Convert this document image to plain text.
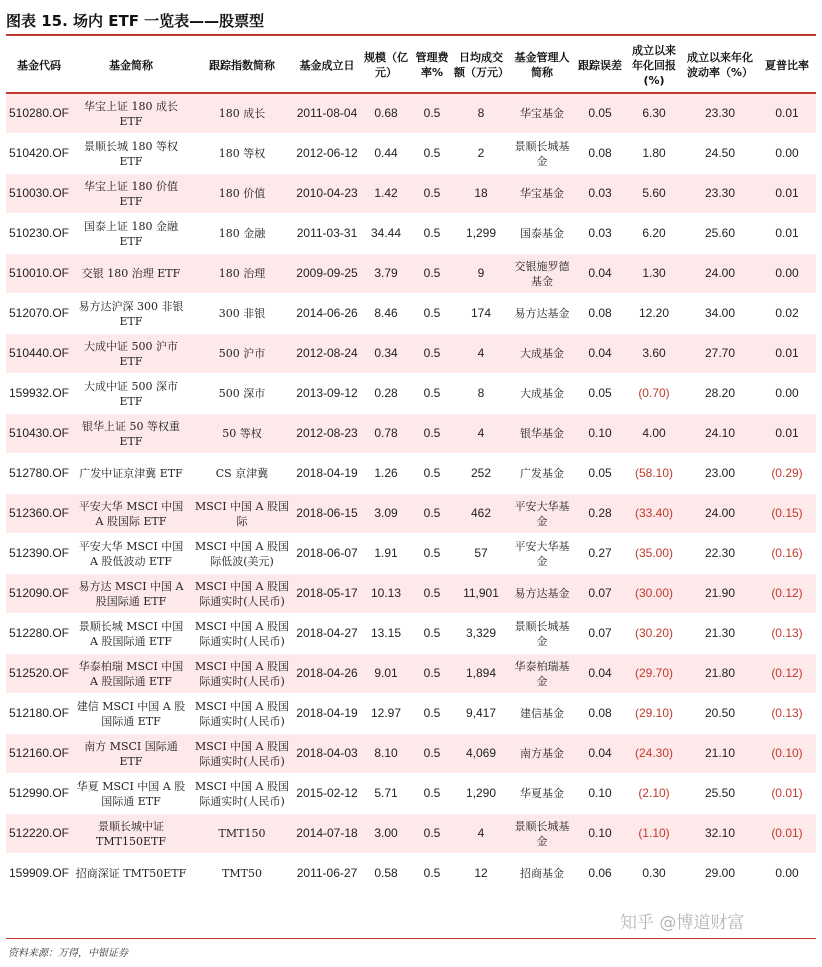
图表 15. 场内 ETF 一览表——股票型
基金代码	基金简称	跟踪指数简称	基金成立日	规模（亿元）	管理费率%	日均成交额（万元）	基金管理人简称	跟踪误差	成立以来年化回报(%)	成立以来年化波动率（%）	夏普比率
510280.OF	华宝上证 180 成长 ETF	180 成长	2011-08-04	0.68	0.5	8	华宝基金	0.05	6.30	23.30	0.01
510420.OF	景顺长城 180 等权 ETF	180 等权	2012-06-12	0.44	0.5	2	景顺长城基金	0.08	1.80	24.50	0.00
510030.OF	华宝上证 180 价值 ETF	180 价值	2010-04-23	1.42	0.5	18	华宝基金	0.03	5.60	23.30	0.01
510230.OF	国泰上证 180 金融 ETF	180 金融	2011-03-31	34.44	0.5	1,299	国泰基金	0.03	6.20	25.60	0.01
510010.OF	交银 180 治理 ETF	180 治理	2009-09-25	3.79	0.5	9	交银施罗德基金	0.04	1.30	24.00	0.00
512070.OF	易方达沪深 300 非银 ETF	300 非银	2014-06-26	8.46	0.5	174	易方达基金	0.08	12.20	34.00	0.02
510440.OF	大成中证 500 沪市 ETF	500 沪市	2012-08-24	0.34	0.5	4	大成基金	0.04	3.60	27.70	0.01
159932.OF	大成中证 500 深市 ETF	500 深市	2013-09-12	0.28	0.5	8	大成基金	0.05	(0.70)	28.20	0.00
510430.OF	银华上证 50 等权重 ETF	50 等权	2012-08-23	0.78	0.5	4	银华基金	0.10	4.00	24.10	0.01
512780.OF	广发中证京津冀 ETF	CS 京津冀	2018-04-19	1.26	0.5	252	广发基金	0.05	(58.10)	23.00	(0.29)
512360.OF	平安大华 MSCI 中国 A 股国际 ETF	MSCI 中国 A 股国际	2018-06-15	3.09	0.5	462	平安大华基金	0.28	(33.40)	24.00	(0.15)
512390.OF	平安大华 MSCI 中国 A 股低波动 ETF	MSCI 中国 A 股国际低波(美元)	2018-06-07	1.91	0.5	57	平安大华基金	0.27	(35.00)	22.30	(0.16)
512090.OF	易方达 MSCI 中国 A 股国际通 ETF	MSCI 中国 A 股国际通实时(人民币)	2018-05-17	10.13	0.5	11,901	易方达基金	0.07	(30.00)	21.90	(0.12)
512280.OF	景顺长城 MSCI 中国 A 股国际通 ETF	MSCI 中国 A 股国际通实时(人民币)	2018-04-27	13.15	0.5	3,329	景顺长城基金	0.07	(30.20)	21.30	(0.13)
512520.OF	华泰柏瑞 MSCI 中国 A 股国际通 ETF	MSCI 中国 A 股国际通实时(人民币)	2018-04-26	9.01	0.5	1,894	华泰柏瑞基金	0.04	(29.70)	21.80	(0.12)
512180.OF	建信 MSCI 中国 A 股国际通 ETF	MSCI 中国 A 股国际通实时(人民币)	2018-04-19	12.97	0.5	9,417	建信基金	0.08	(29.10)	20.50	(0.13)
512160.OF	南方 MSCI 国际通 ETF	MSCI 中国 A 股国际通实时(人民币)	2018-04-03	8.10	0.5	4,069	南方基金	0.04	(24.30)	21.10	(0.10)
512990.OF	华夏 MSCI 中国 A 股国际通 ETF	MSCI 中国 A 股国际通实时(人民币)	2015-02-12	5.71	0.5	1,290	华夏基金	0.10	(2.10)	25.50	(0.01)
512220.OF	景顺长城中证 TMT150ETF	TMT150	2014-07-18	3.00	0.5	4	景顺长城基金	0.10	(1.10)	32.10	(0.01)
159909.OF	招商深证 TMT50ETF	TMT50	2011-06-27	0.58	0.5	12	招商基金	0.06	0.30	29.00	0.00
资料来源：万得，中银证券
知乎 @博道财富
